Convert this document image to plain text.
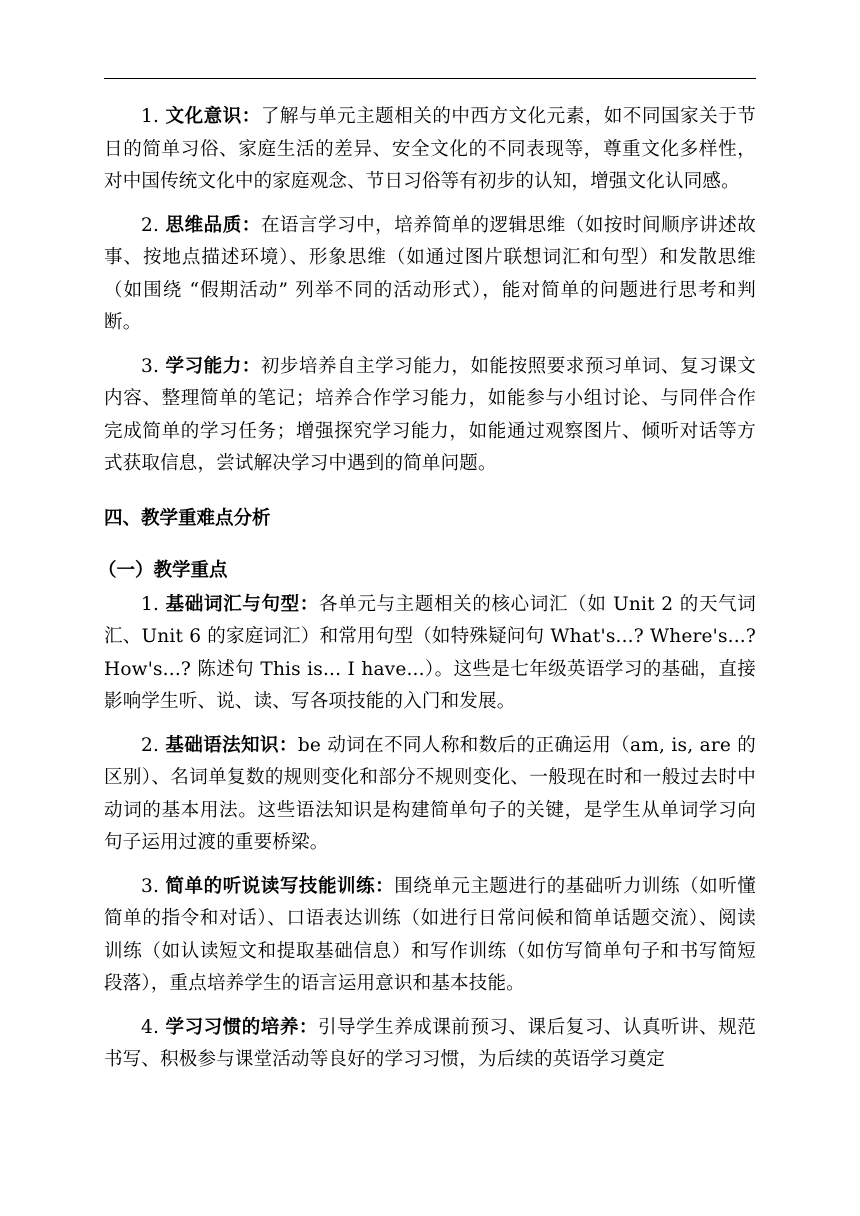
1. 文化意识：了解与单元主题相关的中西方文化元素，如不同国家关于节日的简单习俗、家庭生活的差异、安全文化的不同表现等，尊重文化多样性，对中国传统文化中的家庭观念、节日习俗等有初步的认知，增强文化认同感。

2. 思维品质：在语言学习中，培养简单的逻辑思维（如按时间顺序讲述故事、按地点描述环境）、形象思维（如通过图片联想词汇和句型）和发散思维（如围绕 “假期活动” 列举不同的活动形式），能对简单的问题进行思考和判断。

3. 学习能力：初步培养自主学习能力，如能按照要求预习单词、复习课文内容、整理简单的笔记；培养合作学习能力，如能参与小组讨论、与同伴合作完成简单的学习任务；增强探究学习能力，如能通过观察图片、倾听对话等方式获取信息，尝试解决学习中遇到的简单问题。

四、教学重难点分析
（一）教学重点

1. 基础词汇与句型：各单元与主题相关的核心词汇（如 Unit 2 的天气词汇、Unit 6 的家庭词汇）和常用句型（如特殊疑问句 What's...? Where's...? How's...? 陈述句 This is... I have...）。这些是七年级英语学习的基础，直接影响学生听、说、读、写各项技能的入门和发展。

2. 基础语法知识：be 动词在不同人称和数后的正确运用（am, is, are 的区别）、名词单复数的规则变化和部分不规则变化、一般现在时和一般过去时中动词的基本用法。这些语法知识是构建简单句子的关键，是学生从单词学习向句子运用过渡的重要桥梁。

3. 简单的听说读写技能训练：围绕单元主题进行的基础听力训练（如听懂简单的指令和对话）、口语表达训练（如进行日常问候和简单话题交流）、阅读训练（如认读短文和提取基础信息）和写作训练（如仿写简单句子和书写简短段落），重点培养学生的语言运用意识和基本技能。

4. 学习习惯的培养：引导学生养成课前预习、课后复习、认真听讲、规范书写、积极参与课堂活动等良好的学习习惯，为后续的英语学习奠定
